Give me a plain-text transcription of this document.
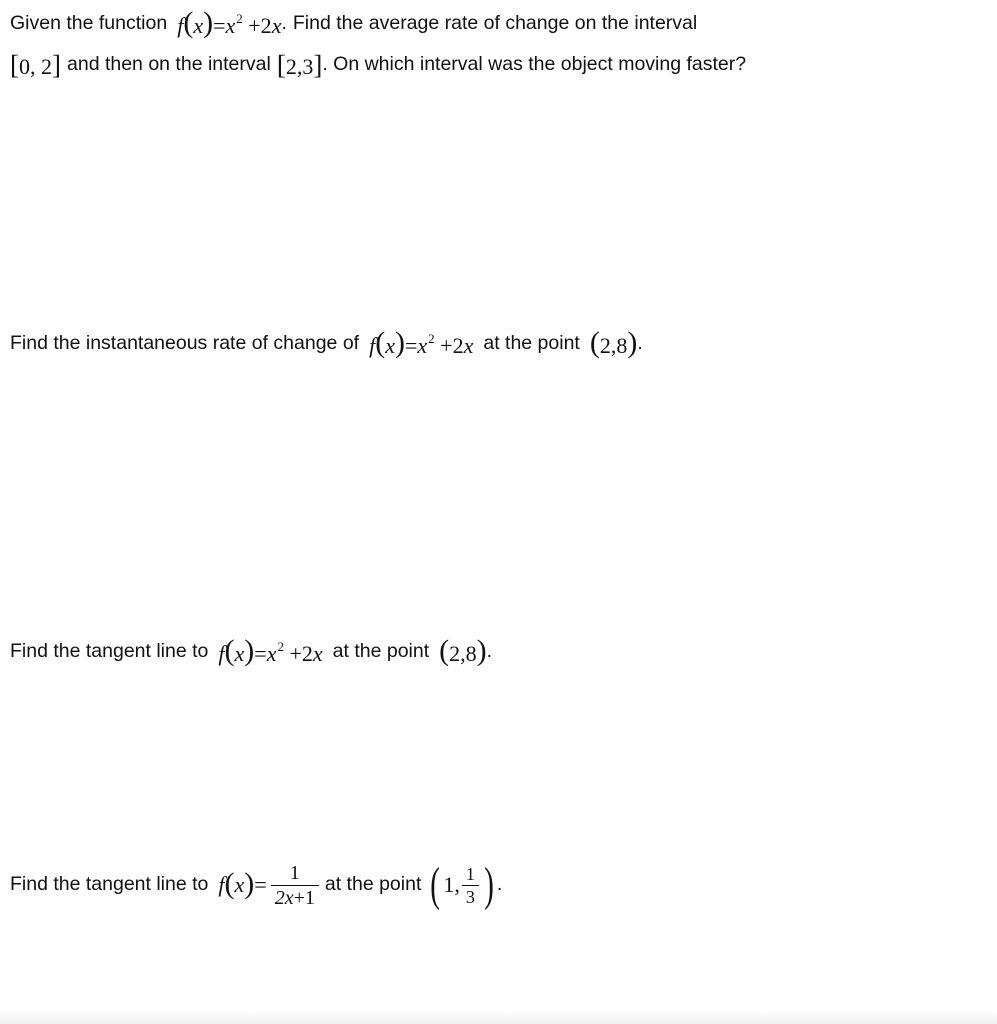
Given the function $f(x)=x^2 +2x$ . Find the average rate of change on the interval
[0, 2] and then on the interval [2,3] . On which interval was the object moving faster?
Find the instantaneous rate of change of $f(x)=x^2 +2x$ at the point (2,8) .
Find the tangent line to $f(x)=x^2 +2x$ at the point (2,8) .
Find the tangent line to f ( x ) = $\frac{1}{2x+1}$ at the point ( 1, $\frac{1}{3}$ ) .
